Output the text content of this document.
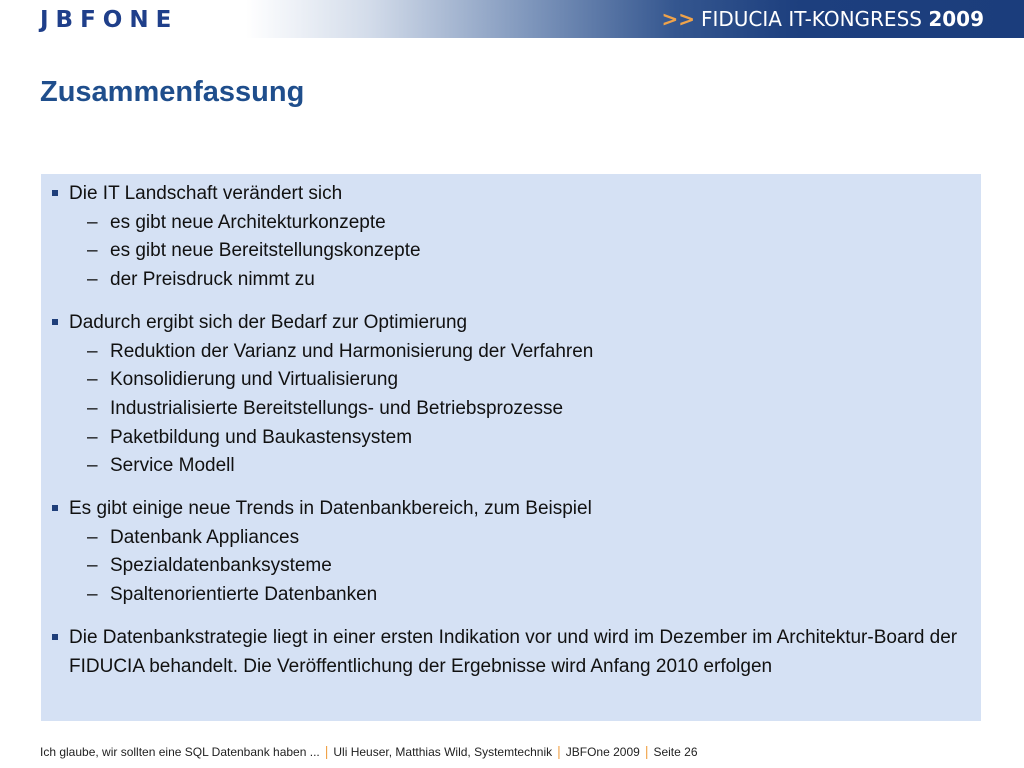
JBFONE	>> FIDUCIA IT-KONGRESS 2009
Zusammenfassung
Die IT Landschaft verändert sich
– es gibt neue Architekturkonzepte
– es gibt neue Bereitstellungskonzepte
– der Preisdruck nimmt zu
Dadurch ergibt sich der Bedarf zur Optimierung
– Reduktion der Varianz und Harmonisierung der Verfahren
– Konsolidierung und Virtualisierung
– Industrialisierte Bereitstellungs- und Betriebsprozesse
– Paketbildung und Baukastensystem
– Service Modell
Es gibt einige neue Trends in Datenbankbereich, zum Beispiel
– Datenbank Appliances
– Spezialdatenbanksysteme
– Spaltenorientierte Datenbanken
Die Datenbankstrategie liegt in einer ersten Indikation vor und wird im Dezember im Architektur-Board der FIDUCIA behandelt. Die Veröffentlichung der Ergebnisse wird Anfang 2010 erfolgen
Ich glaube, wir sollten eine SQL Datenbank haben ... | Uli Heuser, Matthias Wild, Systemtechnik | JBFOne 2009 | Seite 26
